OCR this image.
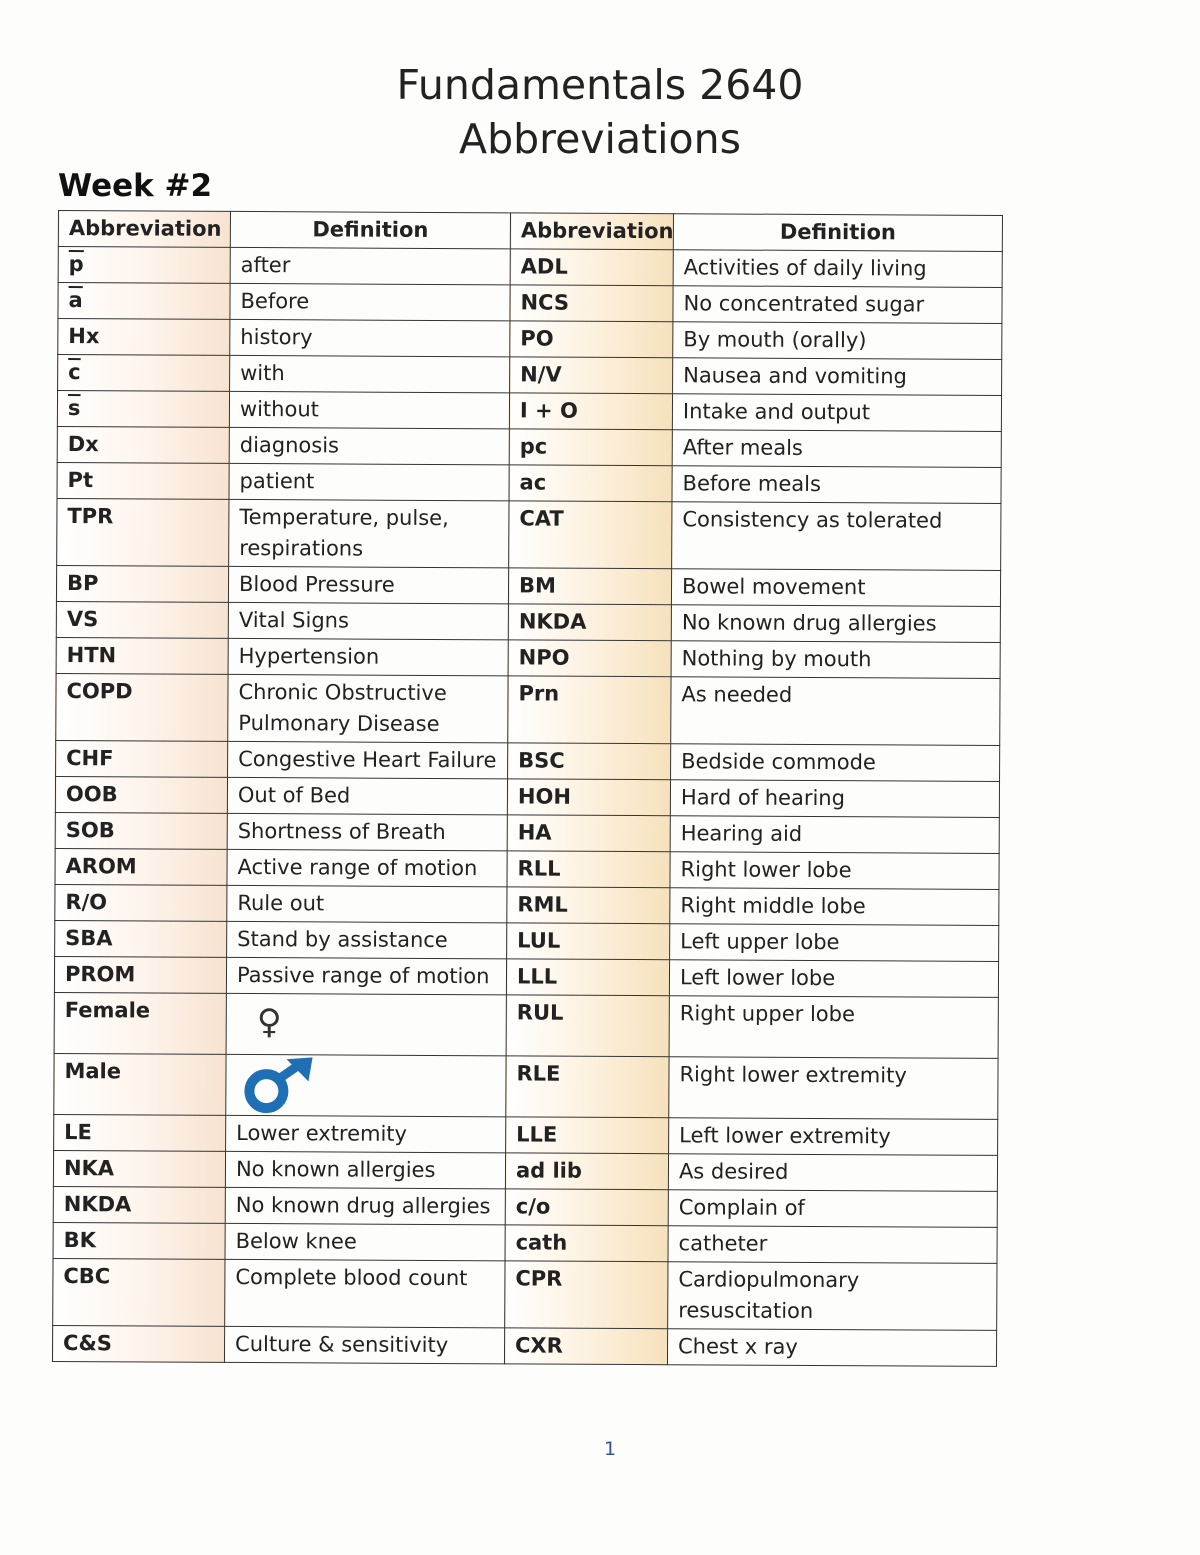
Fundamentals 2640
Abbreviations
Week #2
Abbreviation	Definition	Abbreviation	Definition
$\overline{p}$	after	ADL	Activities of daily living
$\overline{a}$	Before	NCS	No concentrated sugar
Hx	history	PO	By mouth (orally)
$\overline{c}$	with	N/V	Nausea and vomiting
$\overline{s}$	without	I + O	Intake and output
Dx	diagnosis	pc	After meals
Pt	patient	ac	Before meals
TPR	Temperature, pulse, respirations	CAT	Consistency as tolerated
BP	Blood Pressure	BM	Bowel movement
VS	Vital Signs	NKDA	No known drug allergies
HTN	Hypertension	NPO	Nothing by mouth
COPD	Chronic Obstructive Pulmonary Disease	Prn	As needed
CHF	Congestive Heart Failure	BSC	Bedside commode
OOB	Out of Bed	HOH	Hard of hearing
SOB	Shortness of Breath	HA	Hearing aid
AROM	Active range of motion	RLL	Right lower lobe
R/O	Rule out	RML	Right middle lobe
SBA	Stand by assistance	LUL	Left upper lobe
PROM	Passive range of motion	LLL	Left lower lobe
Female	♀	RUL	Right upper lobe
Male		RLE	Right lower extremity
LE	Lower extremity	LLE	Left lower extremity
NKA	No known allergies	ad lib	As desired
NKDA	No known drug allergies	c/o	Complain of
BK	Below knee	cath	catheter
CBC	Complete blood count	CPR	Cardiopulmonary resuscitation
C&S	Culture & sensitivity	CXR	Chest x ray
1
